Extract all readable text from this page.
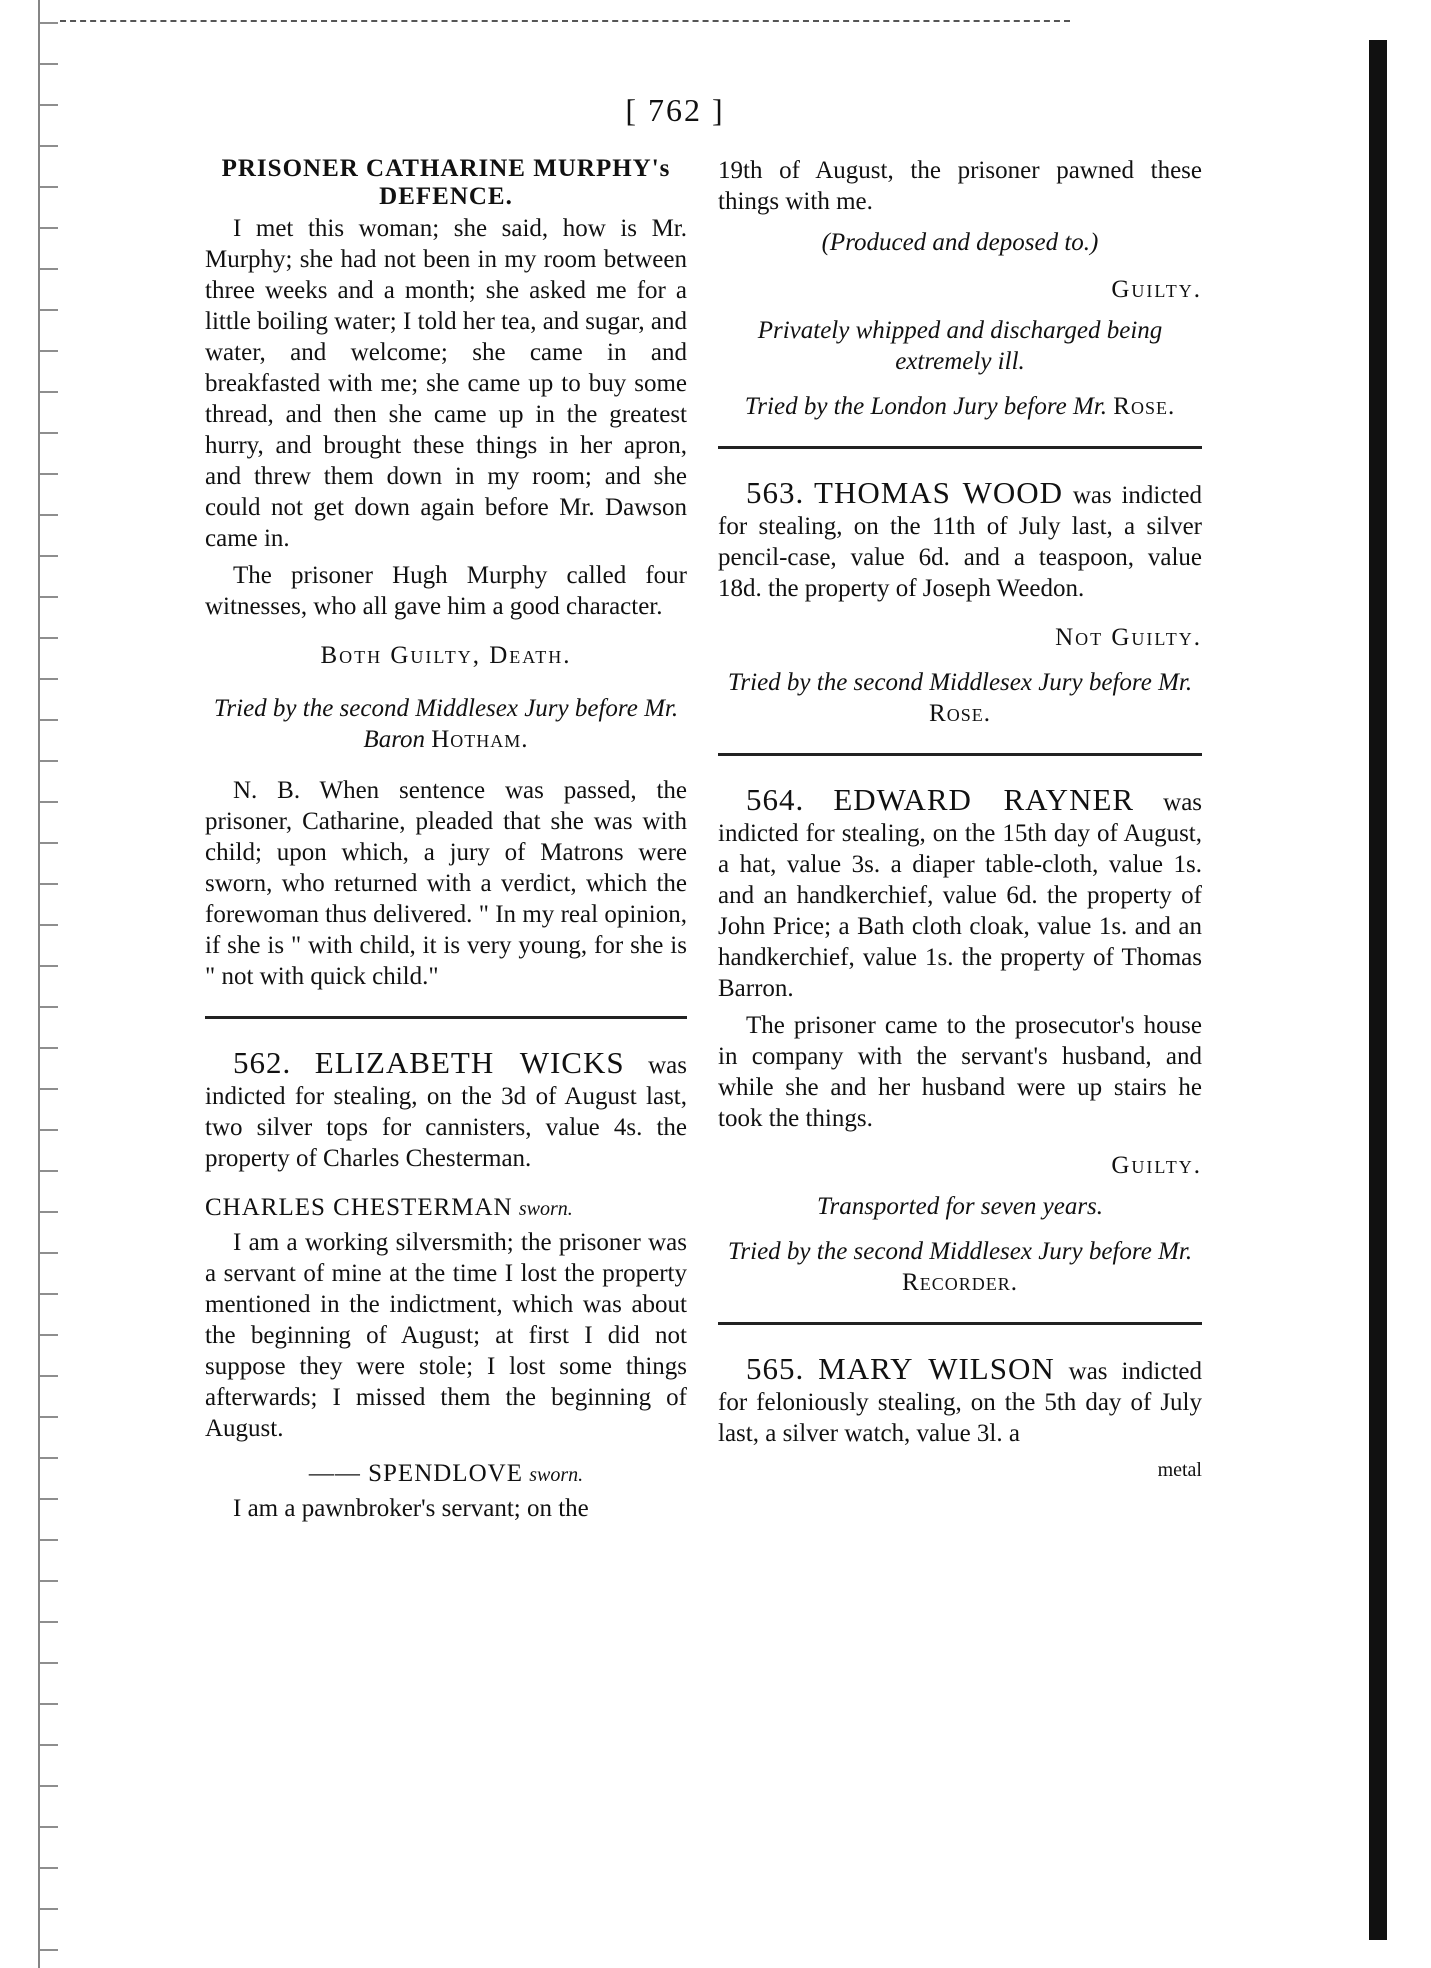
[ 762 ]
PRISONER CATHARINE MURPHY's DEFENCE.

I met this woman; she said, how is Mr. Murphy; she had not been in my room between three weeks and a month; she asked me for a little boiling water; I told her tea, and sugar, and water, and welcome; she came in and breakfasted with me; she came up to buy some thread, and then she came up in the greatest hurry, and brought these things in her apron, and threw them down in my room; and she could not get down again before Mr. Dawson came in.

The prisoner Hugh Murphy called four witnesses, who all gave him a good character.

Both Guilty, Death.
Tried by the second Middlesex Jury before Mr. Baron Hotham.

N. B. When sentence was passed, the prisoner, Catharine, pleaded that she was with child; upon which, a jury of Matrons were sworn, who returned with a verdict, which the forewoman thus delivered. " In my real opinion, if she is " with child, it is very young, for she is " not with quick child."

562. ELIZABETH WICKS was indicted for stealing, on the 3d of August last, two silver tops for cannisters, value 4s. the property of Charles Chesterman.

CHARLES CHESTERMAN sworn.

I am a working silversmith; the prisoner was a servant of mine at the time I lost the property mentioned in the indictment, which was about the beginning of August; at first I did not suppose they were stole; I lost some things afterwards; I missed them the beginning of August.

—— SPENDLOVE sworn.

I am a pawnbroker's servant; on the

19th of August, the prisoner pawned these things with me.

(Produced and deposed to.)
Guilty.
Privately whipped and discharged being extremely ill.
Tried by the London Jury before Mr. Rose.

563. THOMAS WOOD was indicted for stealing, on the 11th of July last, a silver pencil-case, value 6d. and a teaspoon, value 18d. the property of Joseph Weedon.

Not Guilty.
Tried by the second Middlesex Jury before Mr. Rose.

564. EDWARD RAYNER was indicted for stealing, on the 15th day of August, a hat, value 3s. a diaper table-cloth, value 1s. and an handkerchief, value 6d. the property of John Price; a Bath cloth cloak, value 1s. and an handkerchief, value 1s. the property of Thomas Barron.

The prisoner came to the prosecutor's house in company with the servant's husband, and while she and her husband were up stairs he took the things.

Guilty.
Transported for seven years.
Tried by the second Middlesex Jury before Mr. Recorder.

565. MARY WILSON was indicted for feloniously stealing, on the 5th day of July last, a silver watch, value 3l. a

metal
